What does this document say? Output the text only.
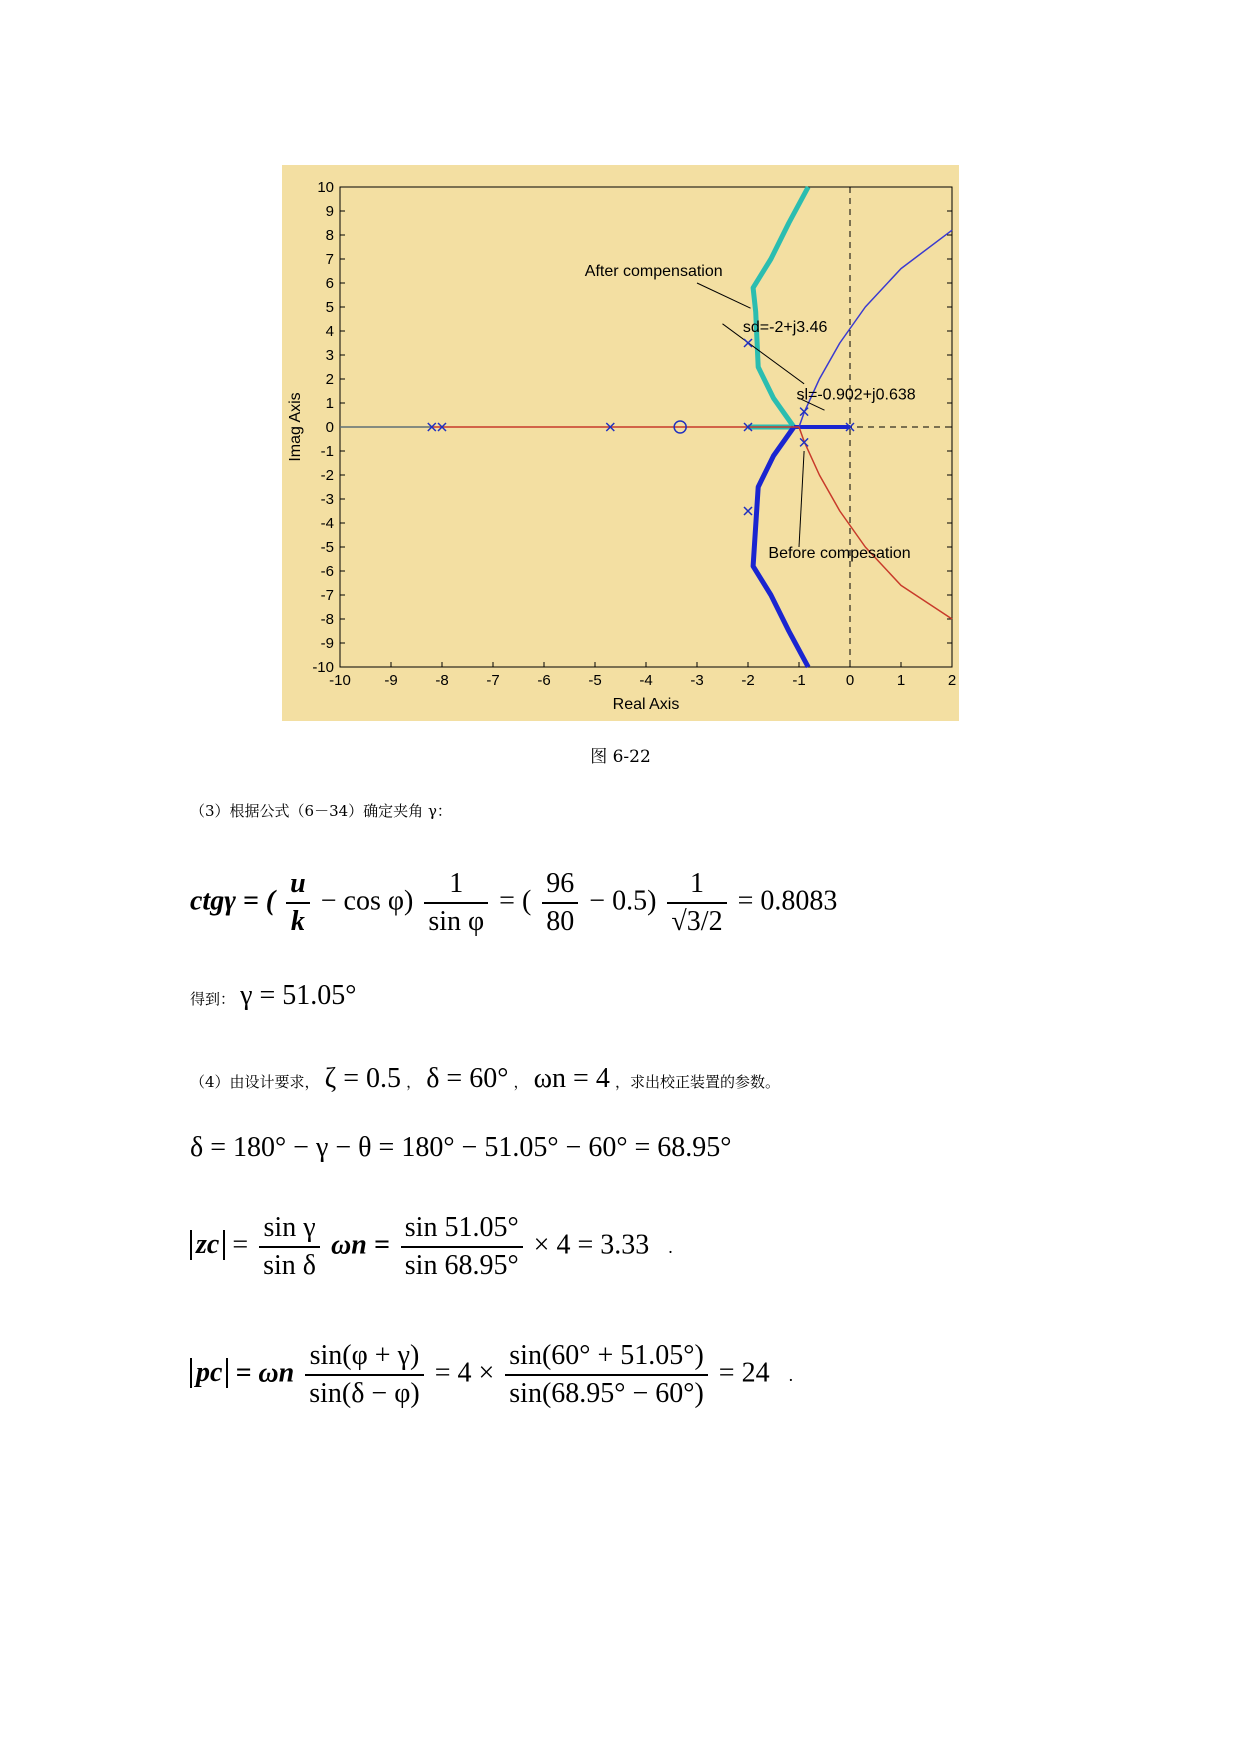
-10 -9	-8	-7	-6	-5	-4	-3	-2	-1	0	1	2
10
9
8
7
6
5
4
3
2
1
0
-1
-2
-3
-4
-5
-6
-7
-8
-9
-10
Real Axis
Imag Axis
After compensation
sd=-2+j3.46
sl=-0.902+j0.638
Before compesation
图 6-22
（3）根据公式（6－34）确定夹角 γ：
ctgγ = ( $\frac{u}{k} - \cos \varphi) \frac{1}{\text{sin φ}}$ = ( $\frac{96}{80} - 0.5) \frac{1}{√3/2} = 0.8083$
得到： γ = 51.05°
（4）由设计要求， ζ = 0.5 ， δ = 60° ， ωn = 4 ，求出校正装置的参数。
δ = 180° − γ − θ = 180° − 51.05° − 60° = 68.95°
zc = $\frac{\text{sin γ}}{\text{sin δ}}$ $\omega n = \frac{\sin 51.05^\circ}{\sin 68.95^\circ} \times 4 = 3.33$ .
pc = ωn $\frac{\sin(\varphi + \gamma)}{\sin(\delta - \varphi)} = 4 \times \frac{\sin(60^\circ + 51.05^\circ)}{\sin(68.95^\circ - 60^\circ)} = 24$ .
